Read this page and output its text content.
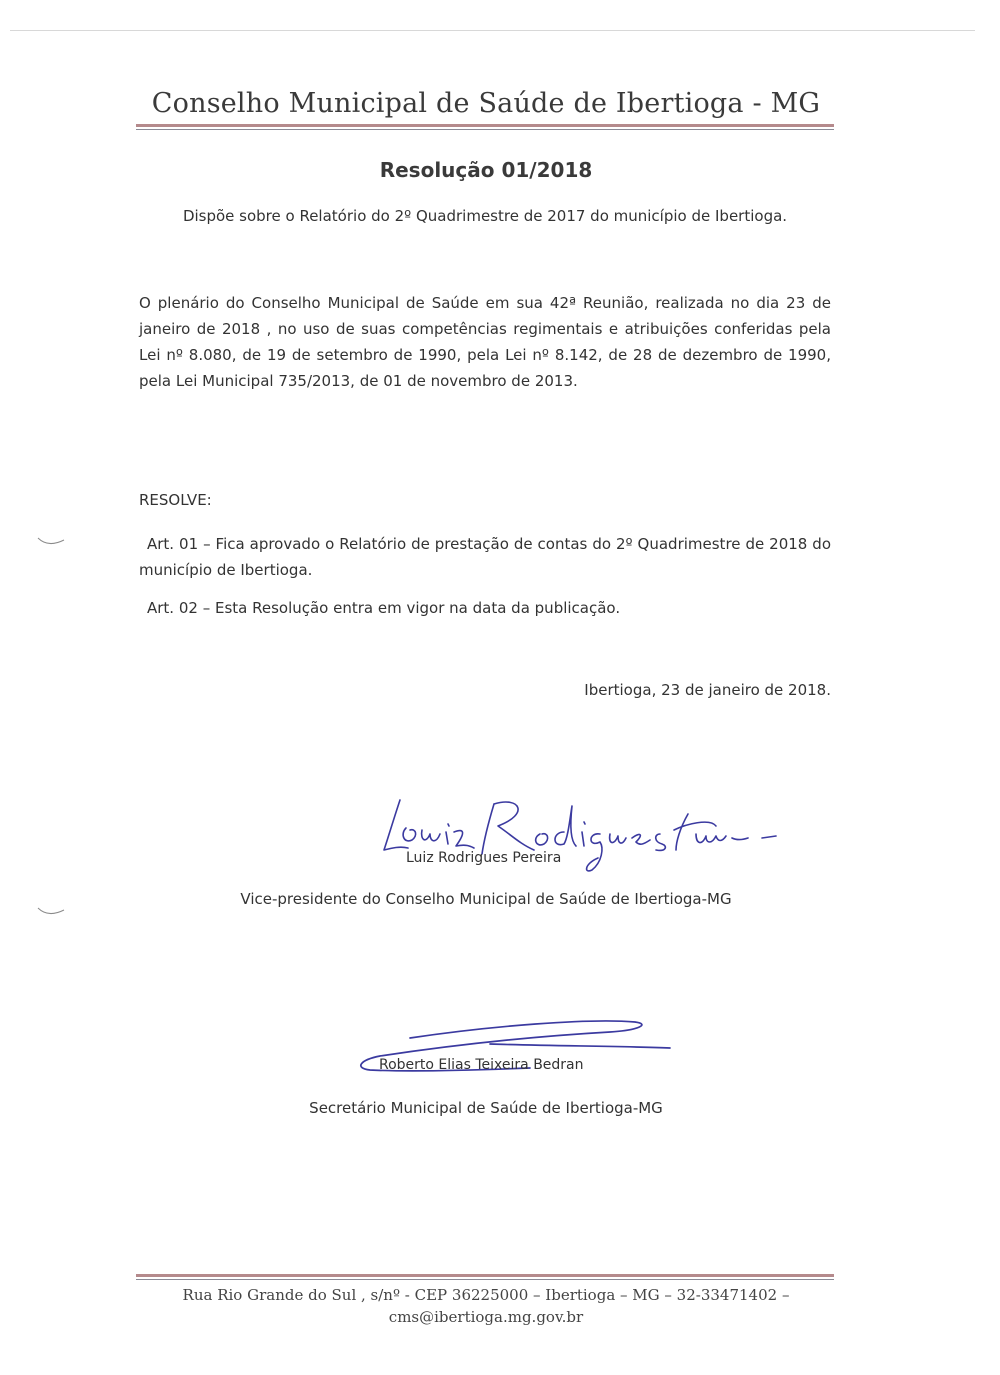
Conselho Municipal de Saúde de Ibertioga - MG
Resolução 01/2018
Dispõe sobre o Relatório do 2º Quadrimestre de 2017 do município de Ibertioga.
O plenário do Conselho Municipal de Saúde em sua 42ª Reunião, realizada no dia 23 de janeiro de 2018 , no uso de suas competências regimentais e atribuições conferidas pela Lei nº 8.080, de 19 de setembro de 1990, pela Lei nº 8.142, de 28 de dezembro de 1990, pela Lei Municipal 735/2013, de 01 de novembro de 2013.
RESOLVE:
Art. 01 – Fica aprovado o Relatório de prestação de contas do 2º Quadrimestre de 2018 do município de Ibertioga.
Art. 02 – Esta Resolução entra em vigor na data da publicação.
Ibertioga, 23 de janeiro de 2018.
Luiz Rodrigues Pereira
Vice-presidente do Conselho Municipal de Saúde de Ibertioga-MG
Roberto Elias Teixeira Bedran
Secretário Municipal de Saúde de Ibertioga-MG
Rua Rio Grande do Sul , s/nº - CEP 36225000 – Ibertioga – MG – 32-33471402 –
cms@ibertioga.mg.gov.br
